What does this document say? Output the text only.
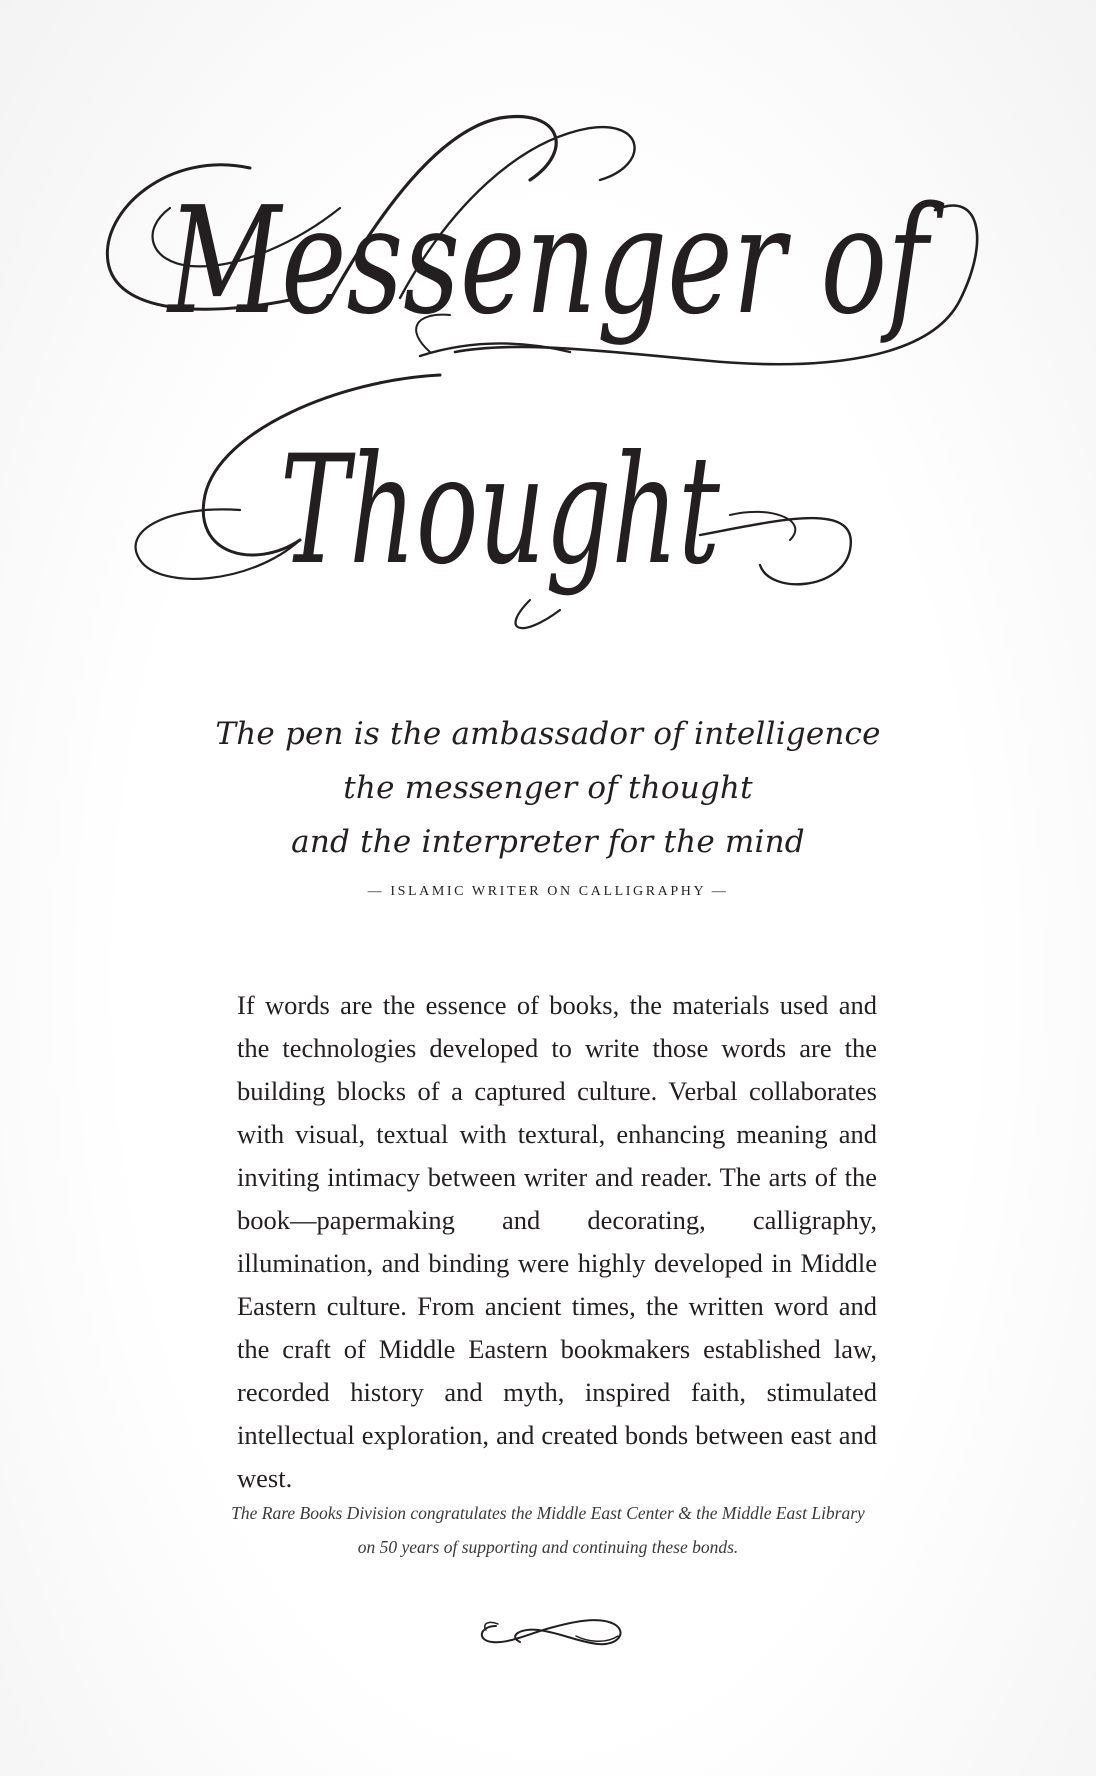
Messenger of
Thought
The pen is the ambassador of intelligence
the messenger of thought
and the interpreter for the mind
— ISLAMIC WRITER ON CALLIGRAPHY —
If words are the essence of books, the materials used and the technologies developed to write those words are the building blocks of a captured culture. Verbal collaborates with visual, textual with textural, enhancing meaning and inviting intimacy between writer and reader. The arts of the book—papermaking and decorating, calligraphy, illumination, and binding were highly developed in Middle Eastern culture. From ancient times, the written word and the craft of Middle Eastern bookmakers established law, recorded history and myth, inspired faith, stimulated intellectual exploration, and created bonds between east and west.
The Rare Books Division congratulates the Middle East Center & the Middle East Library
on 50 years of supporting and continuing these bonds.
